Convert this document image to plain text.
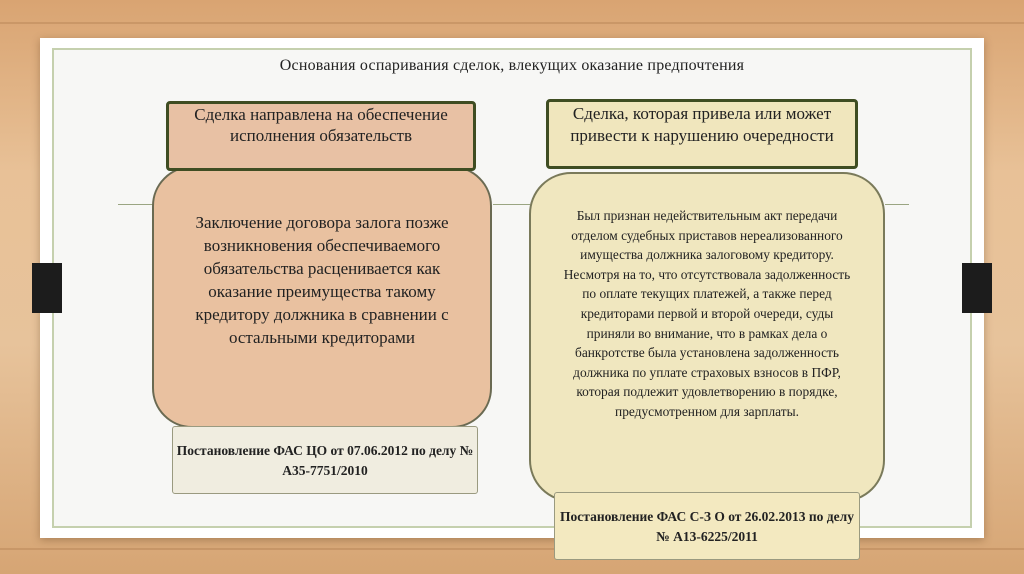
Основания оспаривания сделок, влекущих оказание предпочтения
Заключение договора залога позже возникновения обеспечиваемого обязательства расценивается как оказание преимущества такому кредитору должника в сравнении с остальными кредиторами
Сделка направлена на обеспечение исполнения обязательств
Постановление ФАС ЦО от 07.06.2012 по делу № А35-7751/2010
Был признан недействительным акт передачи отделом судебных приставов нереализованного имущества должника залоговому кредитору. Несмотря на то, что отсутствовала задолженность по оплате текущих платежей, а также перед кредиторами первой и второй очереди, суды приняли во внимание, что в рамках дела о банкротстве была установлена задолженность должника по уплате страховых взносов в ПФР, которая подлежит удовлетворению в порядке, предусмотренном для зарплаты.
Сделка, которая привела или может привести к нарушению очередности
Постановление ФАС С-З О от 26.02.2013 по делу № А13-6225/2011
